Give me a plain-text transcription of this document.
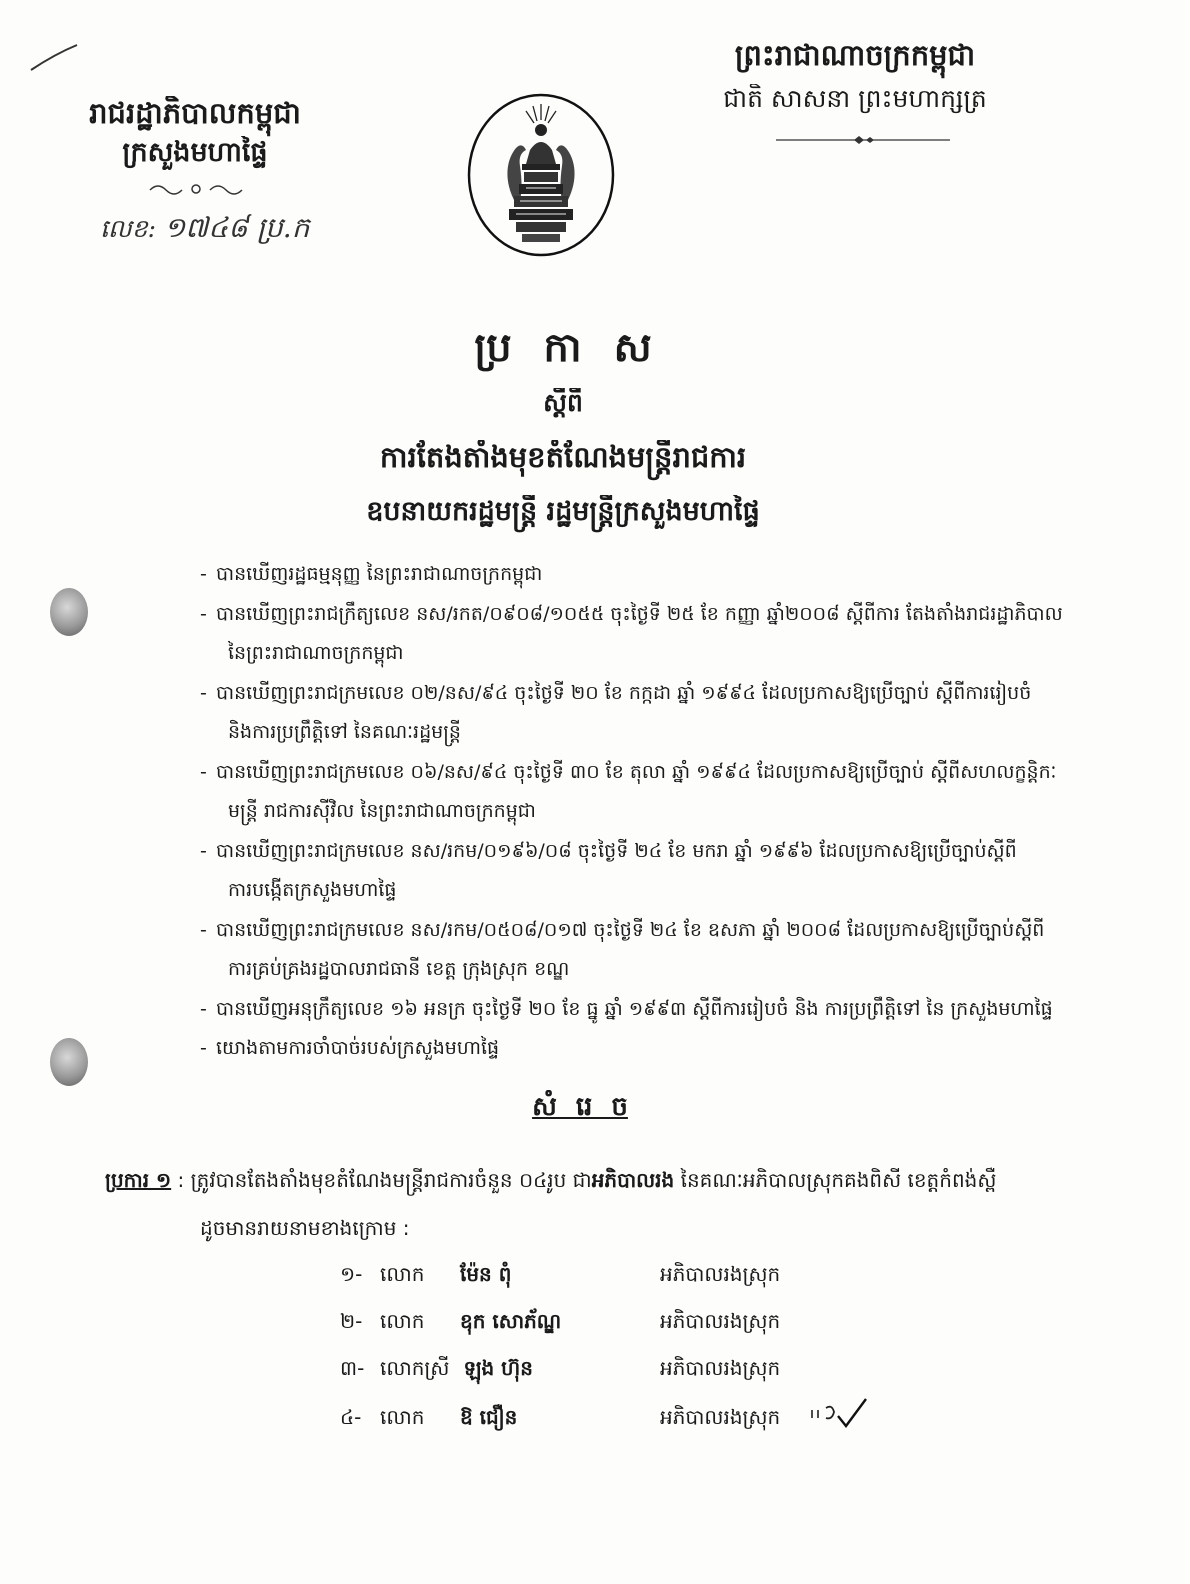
រាជរដ្ឋាភិបាលកម្ពុជា
ក្រសួងមហាផ្ទៃ
លេខ: ១៧៤៨ ប្រ.ក
ព្រះរាជាណាចក្រកម្ពុជា
ជាតិ សាសនា ព្រះមហាក្សត្រ
ប្រ កា ស
ស្តីពី
ការតែងតាំងមុខតំណែងមន្ត្រីរាជការ
ឧបនាយករដ្ឋមន្ត្រី រដ្ឋមន្ត្រីក្រសួងមហាផ្ទៃ
- បានឃើញរដ្ឋធម្មនុញ្ញ នៃព្រះរាជាណាចក្រកម្ពុជា
- បានឃើញព្រះរាជក្រឹត្យលេខ នស/រកត/០៩០៨/១០៥៥ ចុះថ្ងៃទី ២៥ ខែ កញ្ញា ឆ្នាំ២០០៨ ស្តីពីការ តែងតាំងរាជរដ្ឋាភិបាល
នៃព្រះរាជាណាចក្រកម្ពុជា
- បានឃើញព្រះរាជក្រមលេខ ០២/នស/៩៤ ចុះថ្ងៃទី ២០ ខែ កក្កដា ឆ្នាំ ១៩៩៤ ដែលប្រកាសឱ្យប្រើច្បាប់ ស្តីពីការរៀបចំ
និងការប្រព្រឹត្តិទៅ នៃគណៈរដ្ឋមន្ត្រី
- បានឃើញព្រះរាជក្រមលេខ ០៦/នស/៩៤ ចុះថ្ងៃទី ៣០ ខែ តុលា ឆ្នាំ ១៩៩៤ ដែលប្រកាសឱ្យប្រើច្បាប់ ស្តីពីសហលក្ខន្តិកៈ
មន្ត្រី រាជការស៊ីវិល នៃព្រះរាជាណាចក្រកម្ពុជា
- បានឃើញព្រះរាជក្រមលេខ នស/រកម/០១៩៦/០៨ ចុះថ្ងៃទី ២៤ ខែ មករា ឆ្នាំ ១៩៩៦ ដែលប្រកាសឱ្យប្រើច្បាប់ស្តីពី
ការបង្កើតក្រសួងមហាផ្ទៃ
- បានឃើញព្រះរាជក្រមលេខ នស/រកម/០៥០៨/០១៧ ចុះថ្ងៃទី ២៤ ខែ ឧសភា ឆ្នាំ ២០០៨ ដែលប្រកាសឱ្យប្រើច្បាប់ស្តីពី
ការគ្រប់គ្រងរដ្ឋបាលរាជធានី ខេត្ត ក្រុងស្រុក ខណ្ឌ
- បានឃើញអនុក្រឹត្យលេខ ១៦ អនក្រ ចុះថ្ងៃទី ២០ ខែ ធ្នូ ឆ្នាំ ១៩៩៣ ស្តីពីការរៀបចំ និង ការប្រព្រឹត្តិទៅ នៃ ក្រសួងមហាផ្ទៃ
- យោងតាមការចាំបាច់របស់ក្រសួងមហាផ្ទៃ
សំ រេ ច
ប្រការ ១ : ត្រូវបានតែងតាំងមុខតំណែងមន្ត្រីរាជការចំនួន ០៤រូប ជាអភិបាលរង នៃគណៈអភិបាលស្រុកគងពិសី ខេត្តកំពង់ស្ពឺ
ដូចមានរាយនាមខាងក្រោម :
១- លោក ម៉ែន ពុំ	អភិបាលរងស្រុក
២- លោក ឧុក សោភ័ណ្ឌ	អភិបាលរងស្រុក
៣- លោកស្រី ឡុង ហ៊ុន	អភិបាលរងស្រុក
៤- លោក ឱ ជឿន	អភិបាលរងស្រុក
